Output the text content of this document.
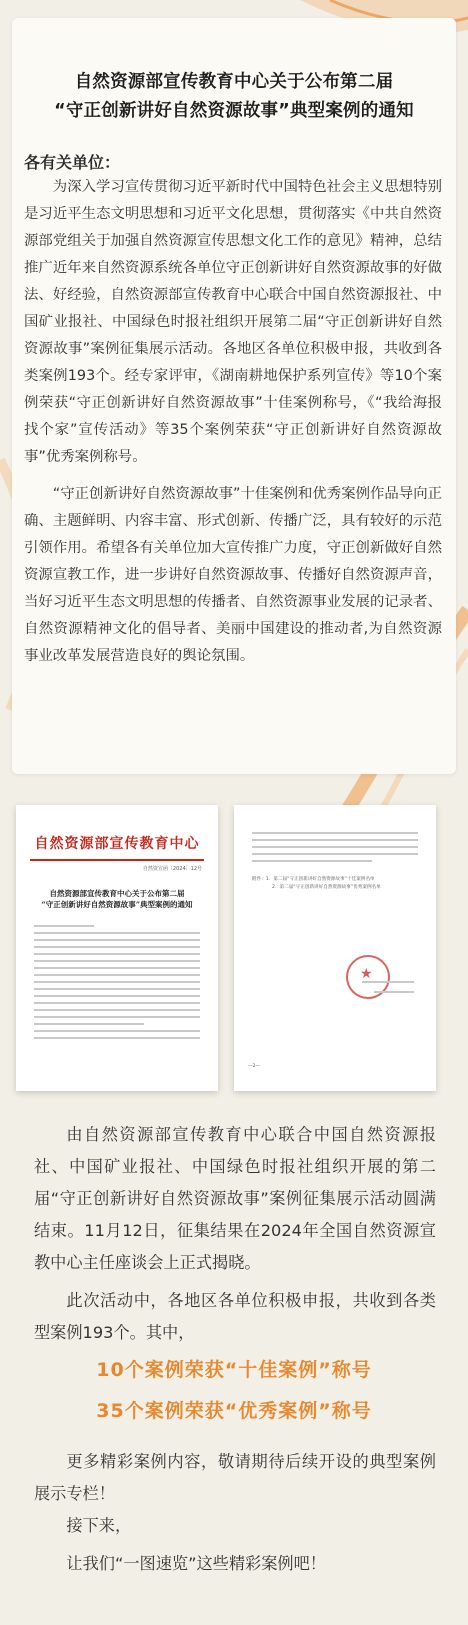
自然资源部宣传教育中心关于公布第二届
“守正创新讲好自然资源故事”典型案例的通知
各有关单位：

为深入学习宣传贯彻习近平新时代中国特色社会主义思想特别是习近平生态文明思想和习近平文化思想，贯彻落实《中共自然资源部党组关于加强自然资源宣传思想文化工作的意见》精神，总结推广近年来自然资源系统各单位守正创新讲好自然资源故事的好做法、好经验，自然资源部宣传教育中心联合中国自然资源报社、中国矿业报社、中国绿色时报社组织开展第二届“守正创新讲好自然资源故事”案例征集展示活动。各地区各单位积极申报，共收到各类案例193个。经专家评审，《湖南耕地保护系列宣传》等10个案例荣获“守正创新讲好自然资源故事”十佳案例称号，《“我给海报找个家”宣传活动》等35个案例荣获“守正创新讲好自然资源故事”优秀案例称号。

“守正创新讲好自然资源故事”十佳案例和优秀案例作品导向正确、主题鲜明、内容丰富、形式创新、传播广泛，具有较好的示范引领作用。希望各有关单位加大宣传推广力度，守正创新做好自然资源宣教工作，进一步讲好自然资源故事、传播好自然资源声音，当好习近平生态文明思想的传播者、自然资源事业发展的记录者、自然资源精神文化的倡导者、美丽中国建设的推动者,为自然资源事业改革发展营造良好的舆论氛围。

自然资源部宣传教育中心
自然资宣函〔2024〕12号
自然资源部宣传教育中心关于公布第二届
“守正创新讲好自然资源故事”典型案例的通知
附件：1．第二届“守正创新讲好自然资源故事”十佳案例名单
2．第二届“守正创新讲好自然资源故事”优秀案例名单
★
—2—

由自然资源部宣传教育中心联合中国自然资源报社、中国矿业报社、中国绿色时报社组织开展的第二届“守正创新讲好自然资源故事”案例征集展示活动圆满结束。11月12日，征集结果在2024年全国自然资源宣教中心主任座谈会上正式揭晓。

此次活动中，各地区各单位积极申报，共收到各类型案例193个。其中，

10个案例荣获“十佳案例”称号
35个案例荣获“优秀案例”称号

更多精彩案例内容，敬请期待后续开设的典型案例展示专栏！

接下来，

让我们“一图速览”这些精彩案例吧！
